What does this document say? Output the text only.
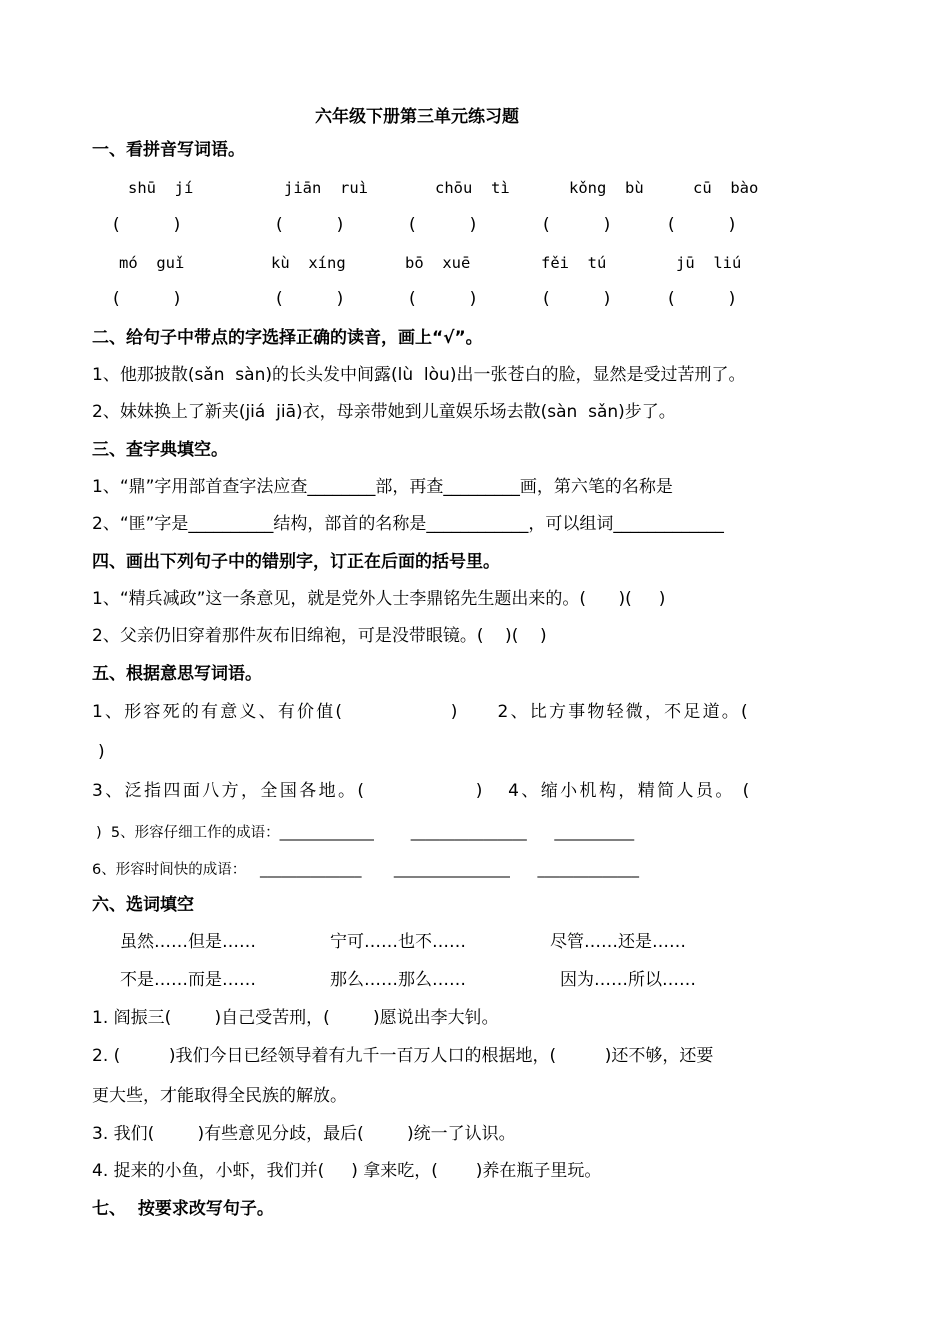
六年级下册第三单元练习题
一、看拼音写词语。
shū  jí	jiān  ruì	chōu  tì	kǒng  bù	cū  bào
(          )	(          )	(          )	(          )	(          )
mó  guǐ	kù  xíng	bō  xuē	fěi  tú	jū  liú
(          )	(          )	(          )	(          )	(          )
二、给句子中带点的字选择正确的读音，画上“√”。
1、他那披散(sǎn  sàn)的长头发中间露(lù  lòu)出一张苍白的脸，显然是受过苦刑了。
2、妹妹换上了新夹(jiá  jiā)衣，母亲带她到儿童娱乐场去散(sàn  sǎn)步了。
三、查字典填空。
1、“鼎”字用部首查字法应查________部，再查_________画，第六笔的名称是
2、“匪”字是__________结构，部首的名称是____________，可以组词_____________
四、画出下列句子中的错别字，订正在后面的括号里。
1、“精兵减政”这一条意见，就是党外人士李鼎铭先生题出来的。(      )(     )
2、父亲仍旧穿着那件灰布旧绵袍，可是没带眼镜。(    )(    )
五、根据意思写词语。
1、形容死的有意义、有价值(              )     2、比方事物轻微，不足道。(
)
3、泛指四面八方，全国各地。(              )   4、缩小机构，精简人员。 (
)  5、形容仔细工作的成语：_____________        ________________      ___________
6、形容时间快的成语：   ______________       ________________      ______________
六、选词填空
虽然……但是……	宁可……也不……	尽管……还是……
不是……而是……	那么……那么……	因为……所以……
1. 阎振三(        )自己受苦刑，(        )愿说出李大钊。
2. (         )我们今日已经领导着有九千一百万人口的根据地，(         )还不够，还要
更大些，才能取得全民族的解放。
3. 我们(        )有些意见分歧，最后(        )统一了认识。
4. 捉来的小鱼，小虾，我们并(     ) 拿来吃，(       )养在瓶子里玩。
七、  按要求改写句子。
